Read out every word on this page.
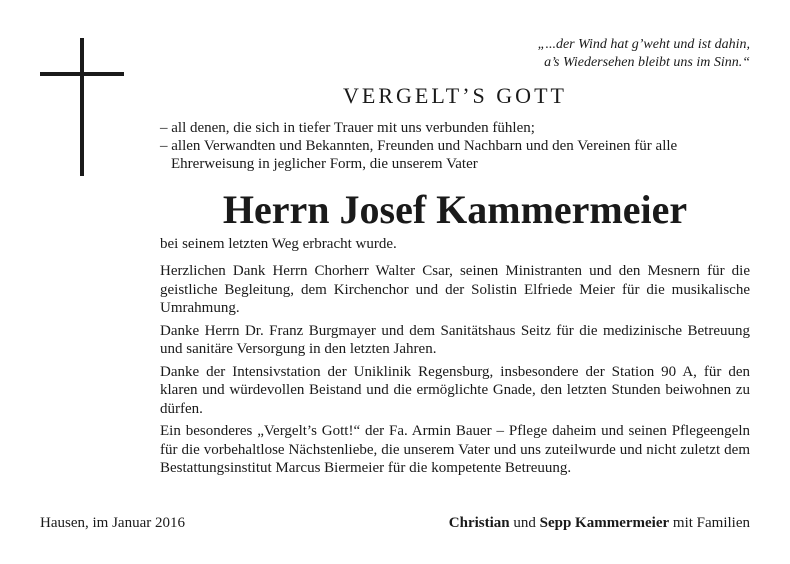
„...der Wind hat g’weht und ist dahin,
a’s Wiedersehen bleibt uns im Sinn.“
VERGELT’S GOTT
– all denen, die sich in tiefer Trauer mit uns verbunden fühlen;
– allen Verwandten und Bekannten, Freunden und Nachbarn und den Vereinen für alle Ehrerweisung in jeglicher Form, die unserem Vater
Herrn Josef Kammermeier
bei seinem letzten Weg erbracht wurde.

Herzlichen Dank Herrn Chorherr Walter Csar, seinen Ministranten und den Mesnern für die geistliche Begleitung, dem Kirchenchor und der Solistin Elfriede Meier für die musikalische Umrahmung.

Danke Herrn Dr. Franz Burgmayer und dem Sanitätshaus Seitz für die medizinische Betreuung und sanitäre Versorgung in den letzten Jahren.

Danke der Intensivstation der Uniklinik Regensburg, insbesondere der Station 90 A, für den klaren und würdevollen Beistand und die ermöglichte Gnade, den letzten Stunden beiwohnen zu dürfen.

Ein besonderes „Vergelt’s Gott!“ der Fa. Armin Bauer – Pflege daheim und seinen Pflegeengeln für die vorbehaltlose Nächstenliebe, die unserem Vater und uns zuteilwurde und nicht zuletzt dem Bestattungsinstitut Marcus Biermeier für die kompetente Betreuung.

Hausen, im Januar 2016	Christian und Sepp Kammermeier mit Familien
